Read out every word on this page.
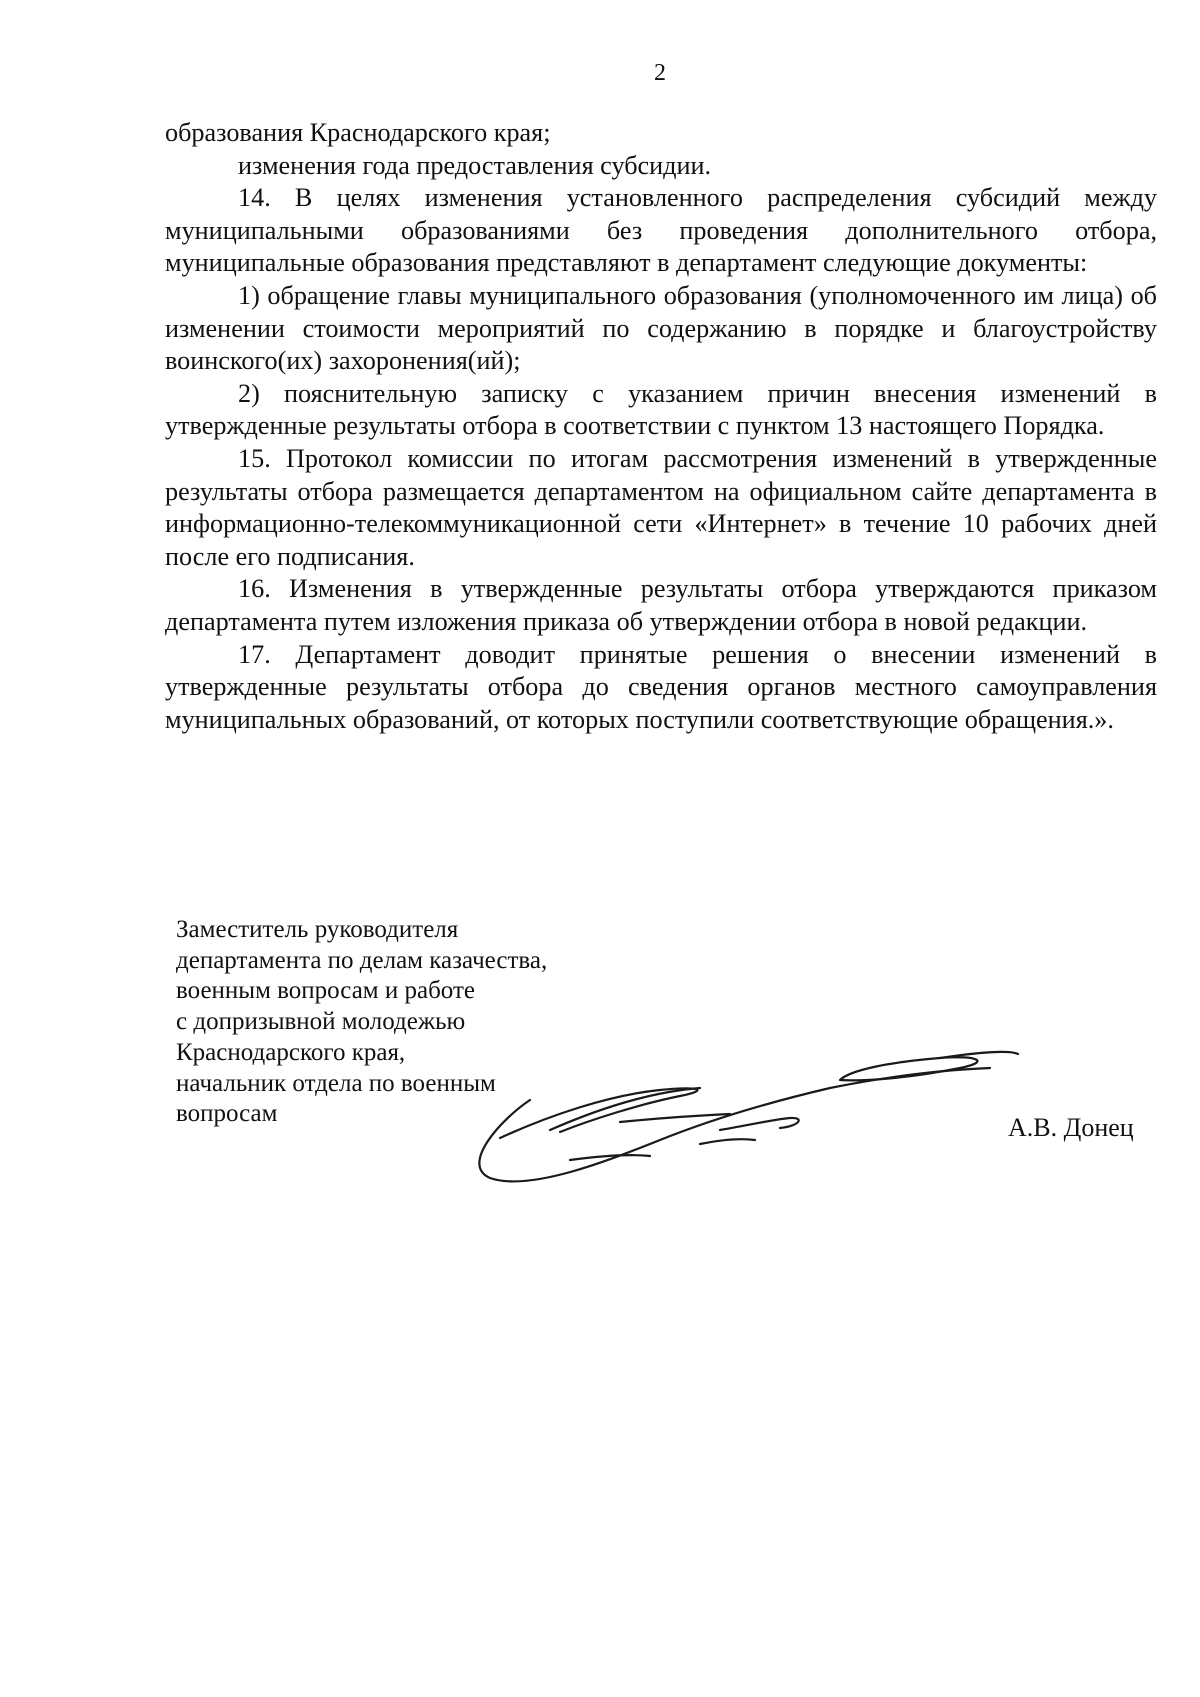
2

образования Краснодарского края;

изменения года предоставления субсидии.

14. В целях изменения установленного распределения субсидий между муниципальными образованиями без проведения дополнительного отбора, муниципальные образования представляют в департамент следующие документы:

1) обращение главы муниципального образования (уполномоченного им лица) об изменении стоимости мероприятий по содержанию в порядке и благоустройству воинского(их) захоронения(ий);

2) пояснительную записку с указанием причин внесения изменений в утвержденные результаты отбора в соответствии с пунктом 13 настоящего Порядка.

15. Протокол комиссии по итогам рассмотрения изменений в утвержденные результаты отбора размещается департаментом на официальном сайте департамента в информационно-телекоммуникационной сети «Интернет» в течение 10 рабочих дней после его подписания.

16. Изменения в утвержденные результаты отбора утверждаются приказом департамента путем изложения приказа об утверждении отбора в новой редакции.

17. Департамент доводит принятые решения о внесении изменений в утвержденные результаты отбора до сведения органов местного самоуправления муниципальных образований, от которых поступили соответствующие обращения.».

Заместитель руководителя
департамента по делам казачества,
военным вопросам и работе
с допризывной молодежью
Краснодарского края,
начальник отдела по военным
вопросам	А.В. Донец
